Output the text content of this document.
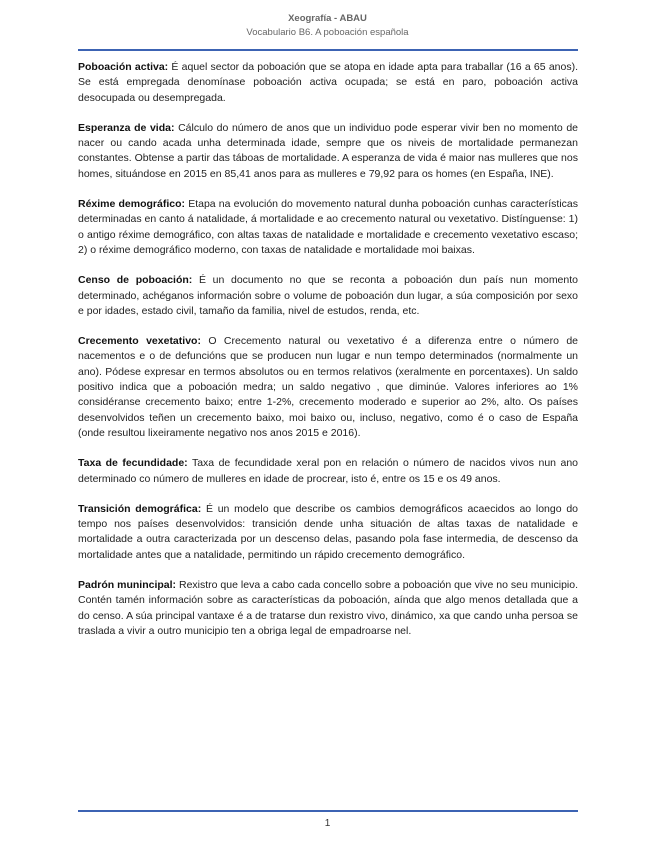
Xeografía - ABAU
Vocabulario B6. A poboación española

Poboación activa: É aquel sector da poboación que se atopa en idade apta para traballar (16 a 65 anos). Se está empregada denomínase poboación activa ocupada; se está en paro, poboación activa desocupada ou desempregada.

Esperanza de vida: Cálculo do número de anos que un individuo pode esperar vivir ben no momento de nacer ou cando acada unha determinada idade, sempre que os niveis de mortalidade permanezan constantes. Obtense a partir das táboas de mortalidade. A esperanza de vida é maior nas mulleres que nos homes, situándose en 2015 en 85,41 anos para as mulleres e 79,92 para os homes (en España, INE).

Réxime demográfico: Etapa na evolución do movemento natural dunha poboación cunhas características determinadas en canto á natalidade, á mortalidade e ao crecemento natural ou vexetativo. Distínguense: 1) o antigo réxime demográfico, con altas taxas de natalidade e mortalidade e crecemento vexetativo escaso; 2) o réxime demográfico moderno, con taxas de natalidade e mortalidade moi baixas.

Censo de poboación: É un documento no que se reconta a poboación dun país nun momento determinado, achéganos información sobre o volume de poboación dun lugar, a súa composición por sexo e por idades, estado civil, tamaño da familia, nivel de estudos, renda, etc.

Crecemento vexetativo: O Crecemento natural ou vexetativo é a diferenza entre o número de nacementos e o de defuncións que se producen nun lugar e nun tempo determinados (normalmente un ano). Pódese expresar en termos absolutos ou en termos relativos (xeralmente en porcentaxes). Un saldo positivo indica que a poboación medra; un saldo negativo , que diminúe. Valores inferiores ao 1% considéranse crecemento baixo; entre 1-2%, crecemento moderado e superior ao 2%, alto. Os países desenvolvidos teñen un crecemento baixo, moi baixo ou, incluso, negativo, como é o caso de España (onde resultou lixeiramente negativo nos anos 2015 e 2016).

Taxa de fecundidade: Taxa de fecundidade xeral pon en relación o número de nacidos vivos nun ano determinado co número de mulleres en idade de procrear, isto é, entre os 15 e os 49 anos.

Transición demográfica: É un modelo que describe os cambios demográficos acaecidos ao longo do tempo nos países desenvolvidos: transición dende unha situación de altas taxas de natalidade e mortalidade a outra caracterizada por un descenso delas, pasando pola fase intermedia, de descenso da mortalidade antes que a natalidade, permitindo un rápido crecemento demográfico.

Padrón munincipal: Rexistro que leva a cabo cada concello sobre a poboación que vive no seu municipio. Contén tamén información sobre as características da poboación, aínda que algo menos detallada que a do censo. A súa principal vantaxe é a de tratarse dun rexistro vivo, dinámico, xa que cando unha persoa se traslada a vivir a outro municipio ten a obriga legal de empadroarse nel.

1
